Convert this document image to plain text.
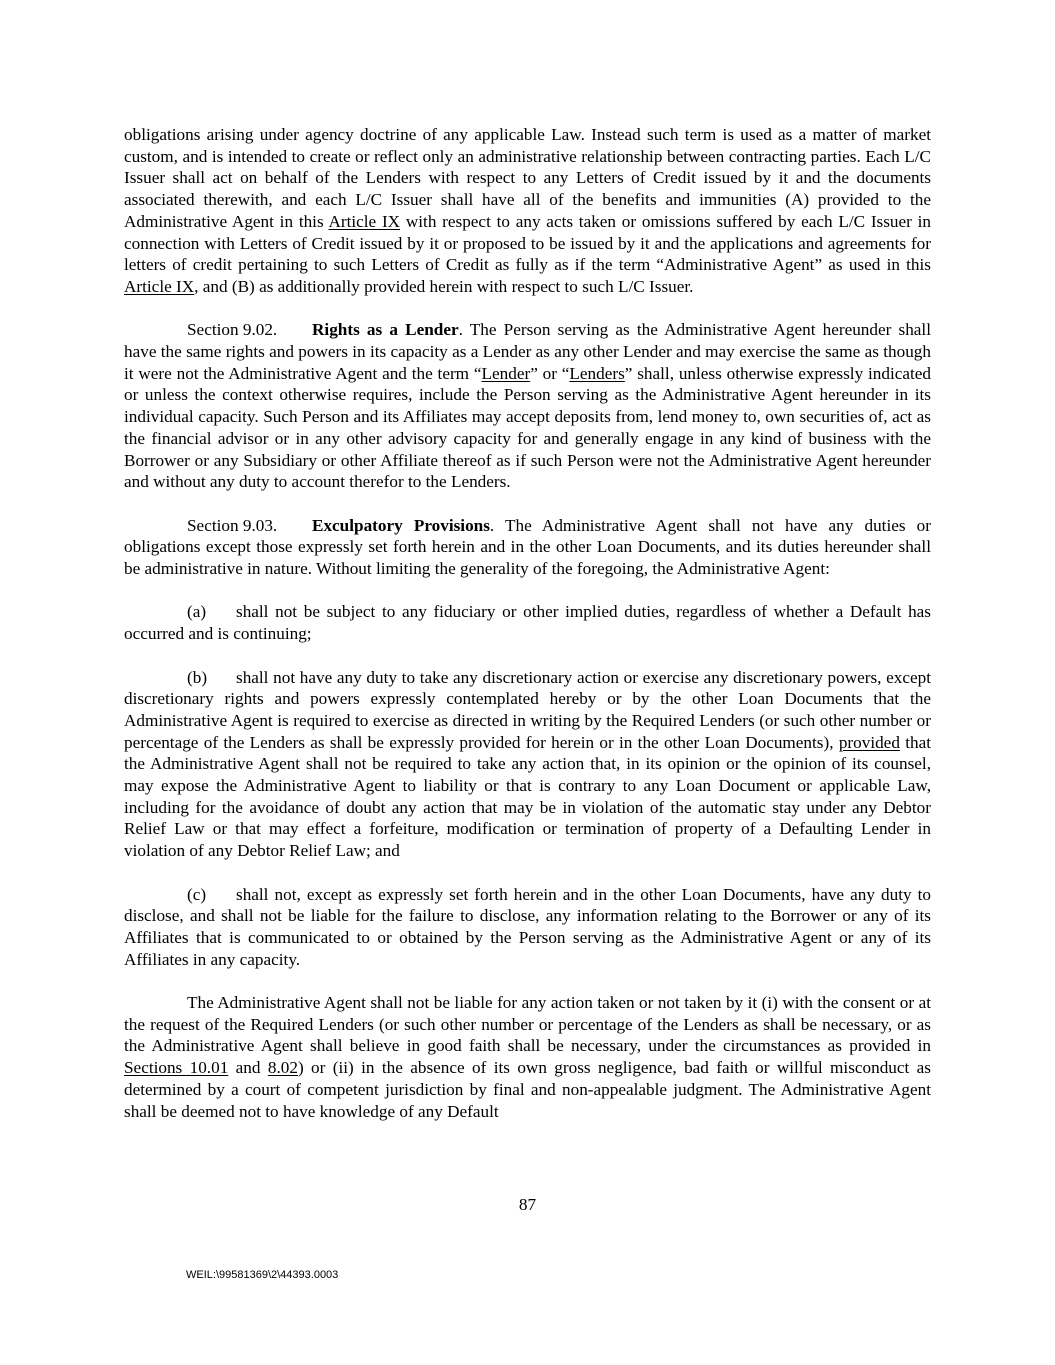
obligations arising under agency doctrine of any applicable Law. Instead such term is used as a matter of market custom, and is intended to create or reflect only an administrative relationship between contracting parties. Each L/C Issuer shall act on behalf of the Lenders with respect to any Letters of Credit issued by it and the documents associated therewith, and each L/C Issuer shall have all of the benefits and immunities (A) provided to the Administrative Agent in this Article IX with respect to any acts taken or omissions suffered by each L/C Issuer in connection with Letters of Credit issued by it or proposed to be issued by it and the applications and agreements for letters of credit pertaining to such Letters of Credit as fully as if the term “Administrative Agent” as used in this Article IX, and (B) as additionally provided herein with respect to such L/C Issuer.

Section 9.02. Rights as a Lender. The Person serving as the Administrative Agent hereunder shall have the same rights and powers in its capacity as a Lender as any other Lender and may exercise the same as though it were not the Administrative Agent and the term “Lender” or “Lenders” shall, unless otherwise expressly indicated or unless the context otherwise requires, include the Person serving as the Administrative Agent hereunder in its individual capacity. Such Person and its Affiliates may accept deposits from, lend money to, own securities of, act as the financial advisor or in any other advisory capacity for and generally engage in any kind of business with the Borrower or any Subsidiary or other Affiliate thereof as if such Person were not the Administrative Agent hereunder and without any duty to account therefor to the Lenders.

Section 9.03. Exculpatory Provisions. The Administrative Agent shall not have any duties or obligations except those expressly set forth herein and in the other Loan Documents, and its duties hereunder shall be administrative in nature. Without limiting the generality of the foregoing, the Administrative Agent:

(a) shall not be subject to any fiduciary or other implied duties, regardless of whether a Default has occurred and is continuing;

(b) shall not have any duty to take any discretionary action or exercise any discretionary powers, except discretionary rights and powers expressly contemplated hereby or by the other Loan Documents that the Administrative Agent is required to exercise as directed in writing by the Required Lenders (or such other number or percentage of the Lenders as shall be expressly provided for herein or in the other Loan Documents), provided that the Administrative Agent shall not be required to take any action that, in its opinion or the opinion of its counsel, may expose the Administrative Agent to liability or that is contrary to any Loan Document or applicable Law, including for the avoidance of doubt any action that may be in violation of the automatic stay under any Debtor Relief Law or that may effect a forfeiture, modification or termination of property of a Defaulting Lender in violation of any Debtor Relief Law; and

(c) shall not, except as expressly set forth herein and in the other Loan Documents, have any duty to disclose, and shall not be liable for the failure to disclose, any information relating to the Borrower or any of its Affiliates that is communicated to or obtained by the Person serving as the Administrative Agent or any of its Affiliates in any capacity.

The Administrative Agent shall not be liable for any action taken or not taken by it (i) with the consent or at the request of the Required Lenders (or such other number or percentage of the Lenders as shall be necessary, or as the Administrative Agent shall believe in good faith shall be necessary, under the circumstances as provided in Sections 10.01 and 8.02) or (ii) in the absence of its own gross negligence, bad faith or willful misconduct as determined by a court of competent jurisdiction by final and non-appealable judgment. The Administrative Agent shall be deemed not to have knowledge of any Default

87
WEIL:\99581369\2\44393.0003
